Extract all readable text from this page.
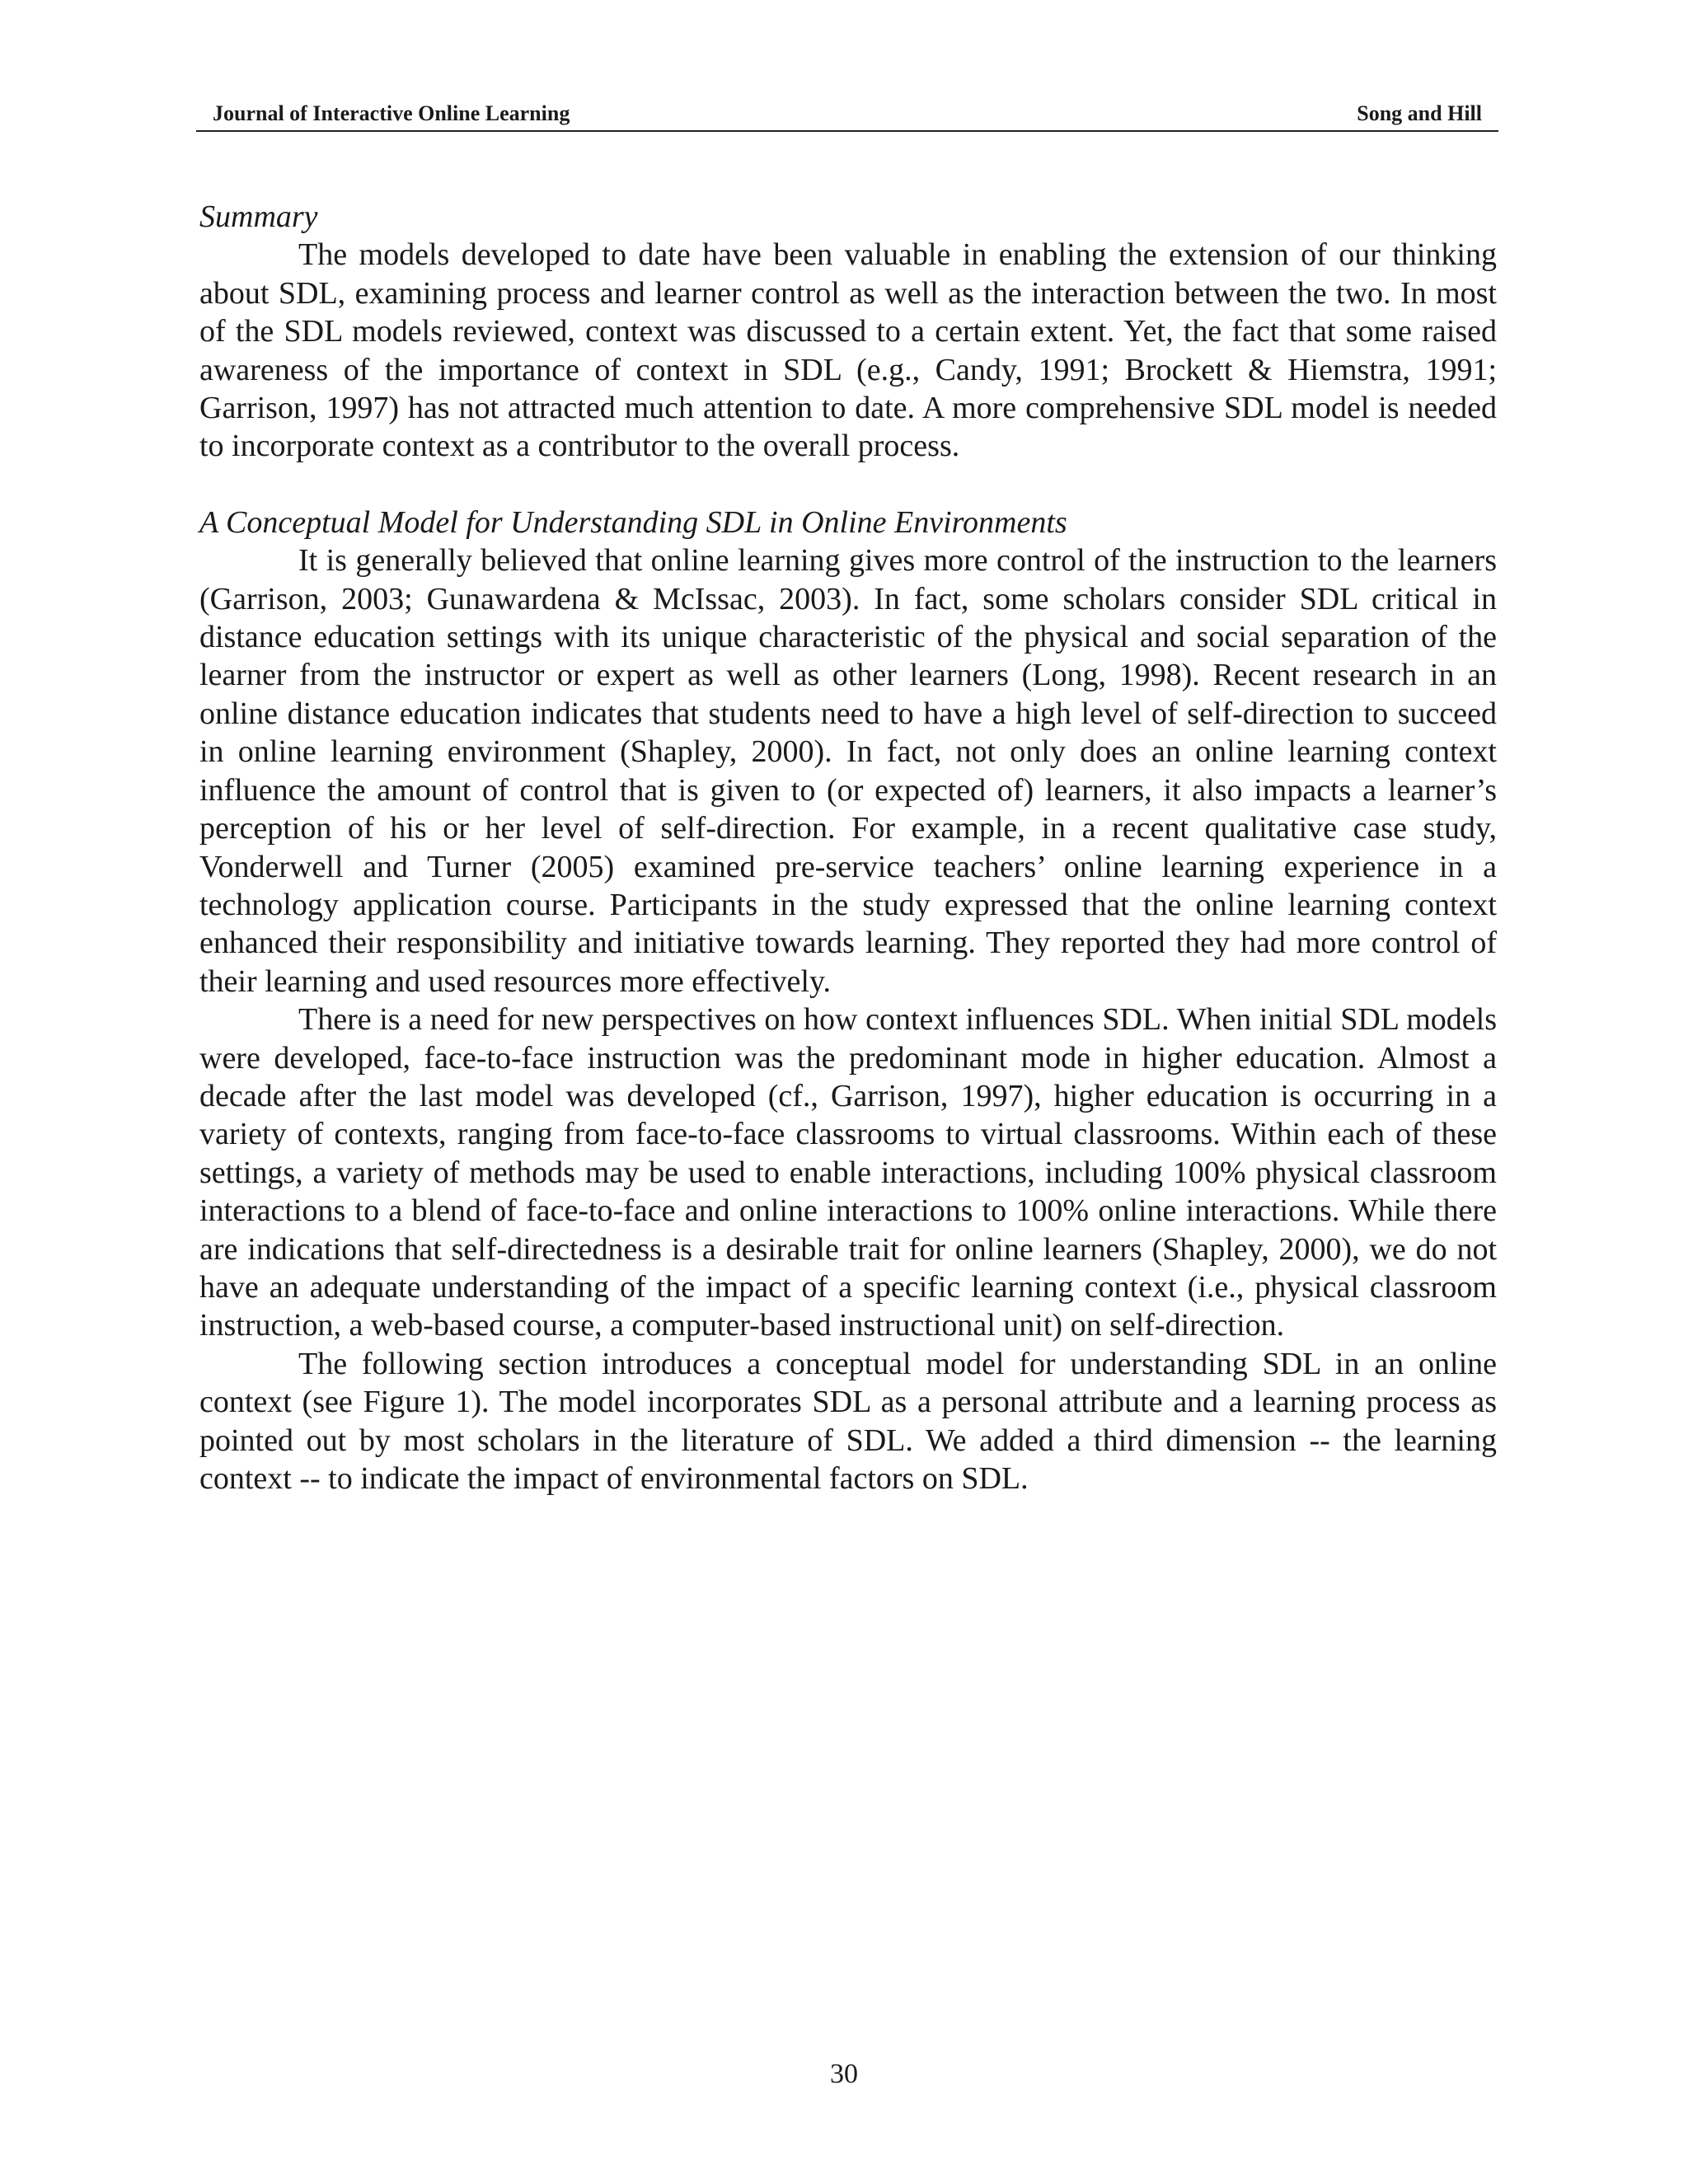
Journal of Interactive Online Learning	Song and Hill

Summary

The models developed to date have been valuable in enabling the extension of our thinking about SDL, examining process and learner control as well as the interaction between the two. In most of the SDL models reviewed, context was discussed to a certain extent. Yet, the fact that some raised awareness of the importance of context in SDL (e.g., Candy, 1991; Brockett & Hiemstra, 1991; Garrison, 1997) has not attracted much attention to date. A more comprehensive SDL model is needed to incorporate context as a contributor to the overall process.

A Conceptual Model for Understanding SDL in Online Environments

It is generally believed that online learning gives more control of the instruction to the learners (Garrison, 2003; Gunawardena & McIssac, 2003). In fact, some scholars consider SDL critical in distance education settings with its unique characteristic of the physical and social separation of the learner from the instructor or expert as well as other learners (Long, 1998). Recent research in an online distance education indicates that students need to have a high level of self-direction to succeed in online learning environment (Shapley, 2000). In fact, not only does an online learning context influence the amount of control that is given to (or expected of) learners, it also impacts a learner’s perception of his or her level of self-direction. For example, in a recent qualitative case study, Vonderwell and Turner (2005) examined pre-service teachers’ online learning experience in a technology application course. Participants in the study expressed that the online learning context enhanced their responsibility and initiative towards learning. They reported they had more control of their learning and used resources more effectively.

There is a need for new perspectives on how context influences SDL. When initial SDL models were developed, face-to-face instruction was the predominant mode in higher education. Almost a decade after the last model was developed (cf., Garrison, 1997), higher education is occurring in a variety of contexts, ranging from face-to-face classrooms to virtual classrooms. Within each of these settings, a variety of methods may be used to enable interactions, including 100% physical classroom interactions to a blend of face-to-face and online interactions to 100% online interactions. While there are indications that self-directedness is a desirable trait for online learners (Shapley, 2000), we do not have an adequate understanding of the impact of a specific learning context (i.e., physical classroom instruction, a web-based course, a computer-based instructional unit) on self-direction.

The following section introduces a conceptual model for understanding SDL in an online context (see Figure 1). The model incorporates SDL as a personal attribute and a learning process as pointed out by most scholars in the literature of SDL. We added a third dimension -- the learning context -- to indicate the impact of environmental factors on SDL.

30
